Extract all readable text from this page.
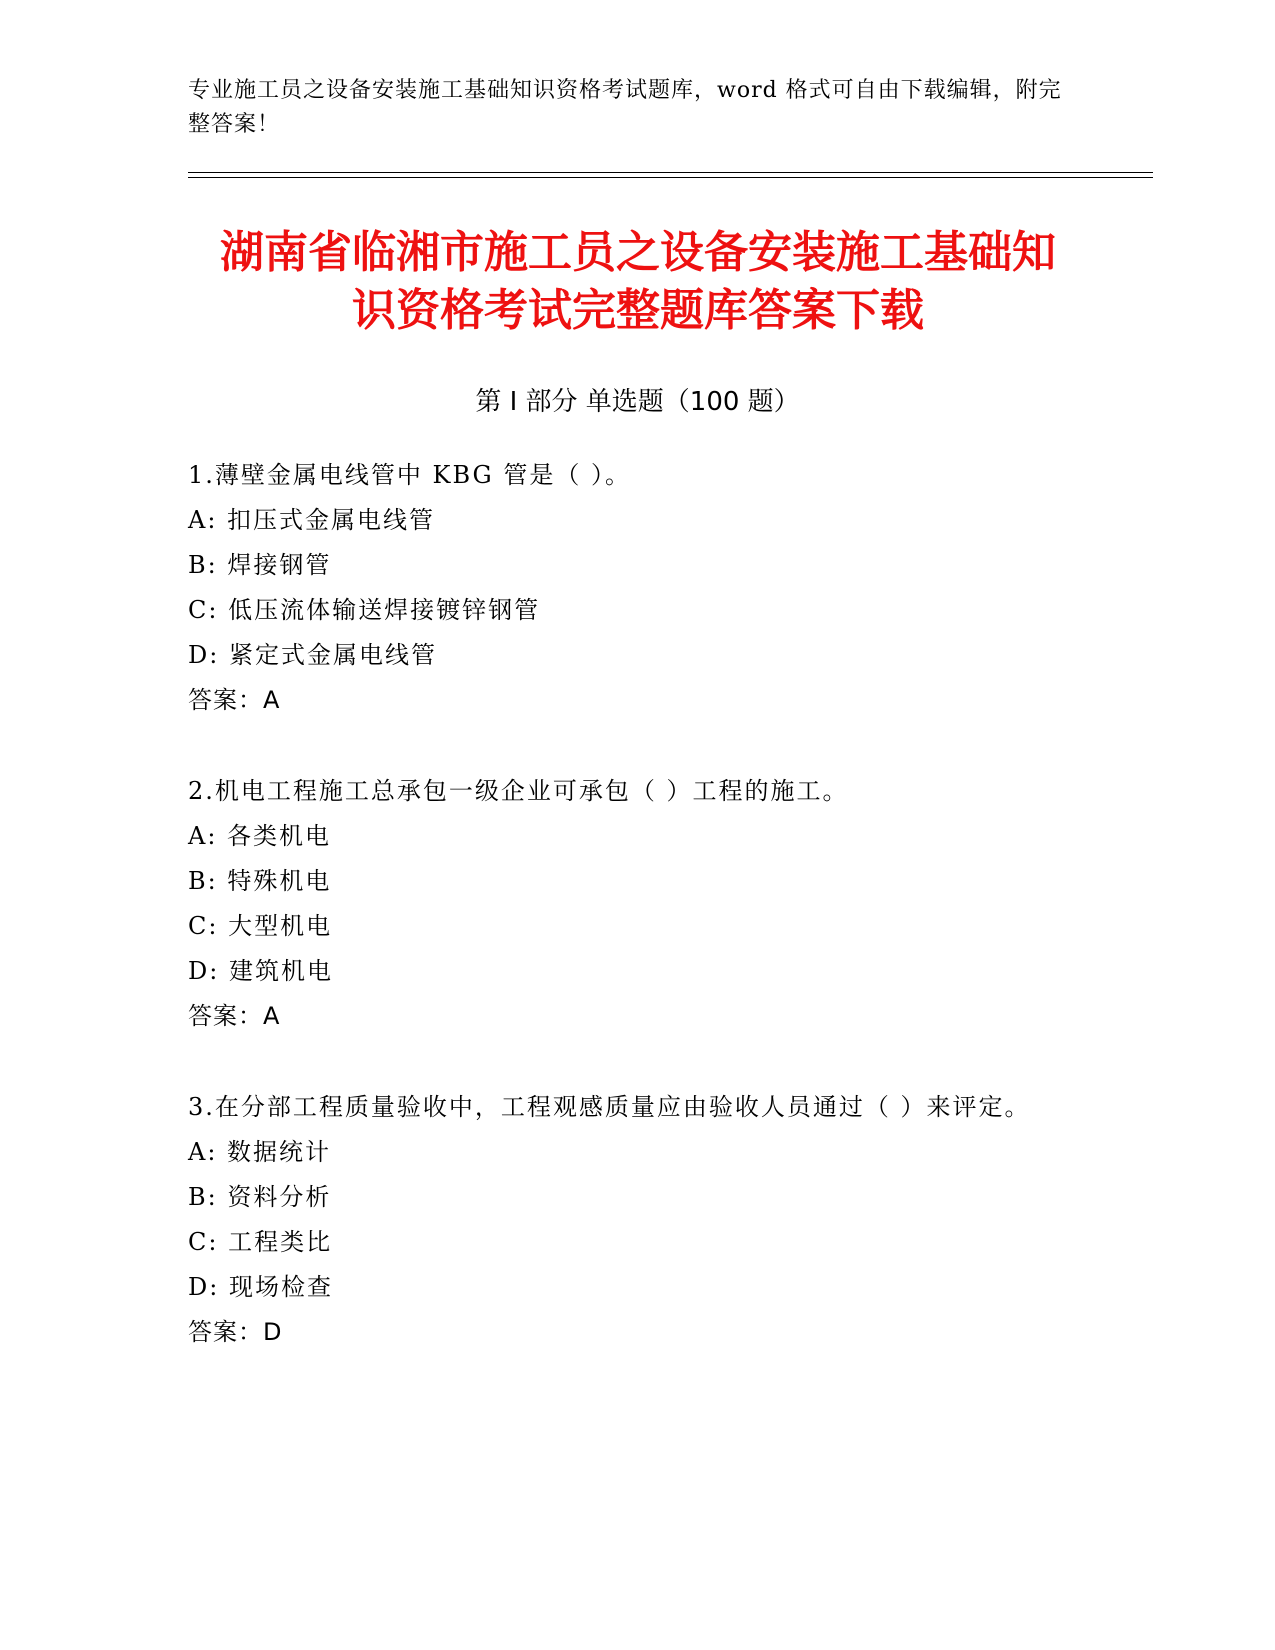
专业施工员之设备安装施工基础知识资格考试题库，word 格式可自由下载编辑，附完整答案！
湖南省临湘市施工员之设备安装施工基础知
识资格考试完整题库答案下载
第 I 部分 单选题（100 题）
1.薄壁金属电线管中 KBG 管是（ ）。
A: 扣压式金属电线管
B: 焊接钢管
C: 低压流体输送焊接镀锌钢管
D: 紧定式金属电线管
答案：A
2.机电工程施工总承包一级企业可承包（ ）工程的施工。
A: 各类机电
B: 特殊机电
C: 大型机电
D: 建筑机电
答案：A
3.在分部工程质量验收中，工程观感质量应由验收人员通过（ ）来评定。
A: 数据统计
B: 资料分析
C: 工程类比
D: 现场检查
答案：D
